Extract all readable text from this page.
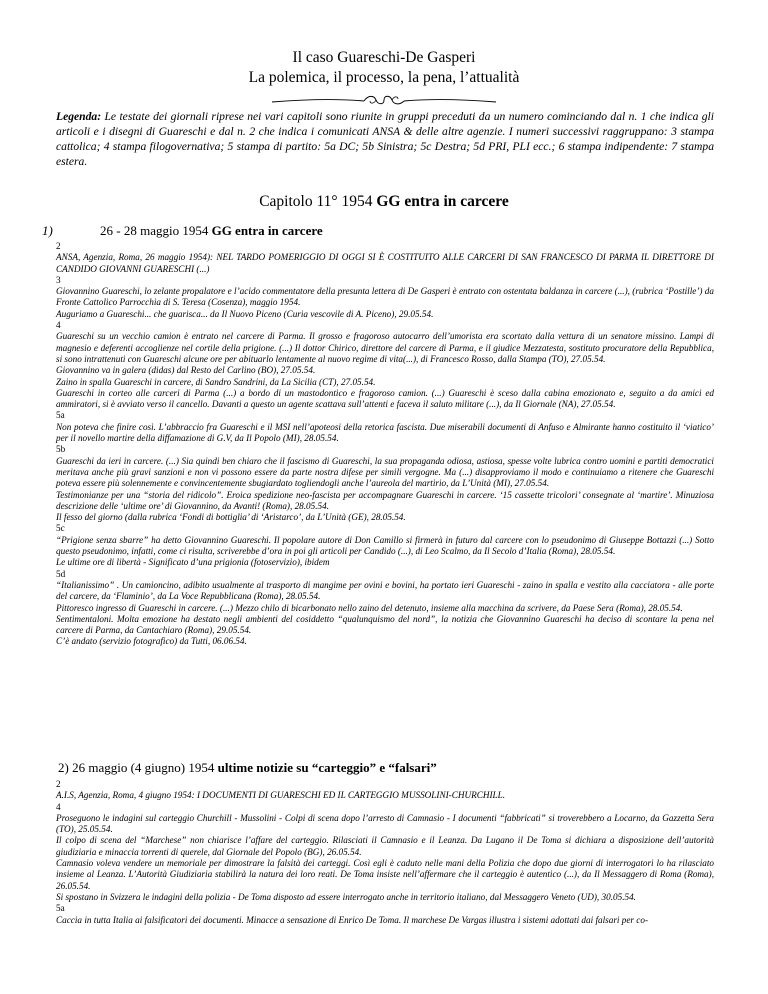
Il caso Guareschi-De Gasperi
La polemica, il processo, la pena, l’attualità
Legenda: Le testate dei giornali riprese nei vari capitoli sono riunite in gruppi preceduti da un numero cominciando dal n. 1 che indica gli articoli e i disegni di Guareschi e dal n. 2 che indica i comunicati ANSA & delle altre agenzie. I numeri successivi raggruppano: 3 stampa cattolica; 4 stampa filogovernativa; 5 stampa di partito: 5a DC; 5b Sinistra; 5c Destra; 5d PRI, PLI ecc.; 6 stampa indipendente: 7 stampa estera.
Capitolo 11° 1954 GG entra in carcere
1)	26 - 28 maggio 1954 GG entra in carcere

2

ANSA, Agenzia, Roma, 26 maggio 1954): NEL TARDO POMERIGGIO DI OGGI SI È COSTITUITO ALLE CARCERI DI SAN FRANCESCO DI PARMA IL DIRETTORE DI CANDIDO GIOVANNI GUARESCHI (...)

3

Giovannino Guareschi, lo zelante propalatore e l’acido commentatore della presunta lettera di De Gasperi è entrato con ostentata baldanza in carcere (...), (rubrica ‘Postille’) da Fronte Cattolico Parrocchia di S. Teresa (Cosenza), maggio 1954.

Auguriamo a Guareschi... che guarisca... da Il Nuovo Piceno (Curia vescovile di A. Piceno), 29.05.54.

4

Guareschi su un vecchio camion è entrato nel carcere di Parma. Il grosso e fragoroso autocarro dell’umorista era scortato dalla vettura di un senatore missino. Lampi di magnesio e deferenti accoglienze nel cortile della prigione. (...) Il dottor Chirico, direttore del carcere di Parma, e il giudice Mezzatesta, sostituto procuratore della Repubblica, si sono intrattenuti con Guareschi alcune ore per abituarlo lentamente al nuovo regime di vita(...), di Francesco Rosso, dalla Stampa (TO), 27.05.54.

Giovannino va in galera (didas) dal Resto del Carlino (BO), 27.05.54.

Zaino in spalla Guareschi in carcere, di Sandro Sandrini, da La Sicilia (CT), 27.05.54.

Guareschi in corteo alle carceri di Parma (...) a bordo di un mastodontico e fragoroso camion. (...) Guareschi è sceso dalla cabina emozionato e, seguito a da amici ed ammiratori, si è avviato verso il cancello. Davanti a questo un agente scattava sull’attenti e faceva il saluto militare (...), da Il Giornale (NA), 27.05.54.

5a

Non poteva che finire così. L’abbraccio fra Guareschi e il MSI nell’apoteosi della retorica fascista. Due miserabili documenti di Anfuso e Almirante hanno costituito il ‘viatico’ per il novello martire della diffamazione di G.V, da Il Popolo (MI), 28.05.54.

5b

Guareschi da ieri in carcere. (...) Sia quindi ben chiaro che il fascismo di Guareschi, la sua propaganda odiosa, astiosa, spesse volte lubrica contro uomini e partiti democratici meritava anche più gravi sanzioni e non vi possono essere da parte nostra difese per simili vergogne. Ma (...) disapproviamo il modo e continuiamo a ritenere che Guareschi poteva essere più solennemente e convincentemente sbugiardato togliendogli anche l’aureola del martirio, da L’Unità (MI), 27.05.54.

Testimonianze per una “storia del ridicolo”. Eroica spedizione neo-fascista per accompagnare Guareschi in carcere. ‘15 cassette tricolori’ consegnate al ‘martire’. Minuziosa descrizione delle ‘ultime ore’ di Giovannino, da Avanti! (Roma), 28.05.54.

Il fesso del giorno (dalla rubrica ‘Fondi di bottiglia’ di ‘Aristarco’, da L’Unità (GE), 28.05.54.

5c

“Prigione senza sbarre” ha detto Giovannino Guareschi. Il popolare autore di Don Camillo si firmerà in futuro dal carcere con lo pseudonimo di Giuseppe Bottazzi (...) Sotto questo pseudonimo, infatti, come ci risulta, scriverebbe d’ora in poi gli articoli per Candido (...), di Leo Scalmo, da Il Secolo d’Italia (Roma), 28.05.54.

Le ultime ore di libertà - Significato d’una prigionia (fotoservizio), ibidem

5d

“Italianissimo” . Un camioncino, adibito usualmente al trasporto di mangime per ovini e bovini, ha portato ieri Guareschi - zaino in spalla e vestito alla cacciatora - alle porte del carcere, da ‘Flaminio’, da La Voce Repubblicana (Roma), 28.05.54.

Pittoresco ingresso di Guareschi in carcere. (...) Mezzo chilo di bicarbonato nello zaino del detenuto, insieme alla macchina da scrivere, da Paese Sera (Roma), 28.05.54.

Sentimentaloni. Molta emozione ha destato negli ambienti del cosiddetto “qualunquismo del nord”, la notizia che Giovannino Guareschi ha deciso di scontare la pena nel carcere di Parma, da Cantachiaro (Roma), 29.05.54.

C’è andato (servizio fotografico) da Tutti, 06.06.54.

2) 26 maggio (4 giugno) 1954 ultime notizie su “carteggio” e “falsari”

2

A.I.S, Agenzia, Roma, 4 giugno 1954: I DOCUMENTI DI GUARESCHI ED IL CARTEGGIO MUSSOLINI-CHURCHILL.

4

Proseguono le indagini sul carteggio Churchill - Mussolini - Colpi di scena dopo l’arresto di Camnasio - I documenti “fabbricati” si troverebbero a Locarno, da Gazzetta Sera (TO), 25.05.54.

Il colpo di scena del “Marchese” non chiarisce l’affare del carteggio. Rilasciati il Camnasio e il Leanza. Da Lugano il De Toma si dichiara a disposizione dell’autorità giudiziaria e minaccia torrenti di querele, dal Giornale del Popolo (BG), 26.05.54.

Camnasio voleva vendere un memoriale per dimostrare la falsità dei carteggi. Così egli è caduto nelle mani della Polizia che dopo due giorni di interrogatori lo ha rilasciato insieme al Leanza. L’Autorità Giudiziaria stabilirà la natura dei loro reati. De Toma insiste nell’affermare che il carteggio è autentico (...), da Il Messaggero di Roma (Roma), 26.05.54.

Si spostano in Svizzera le indagini della polizia - De Toma disposto ad essere interrogato anche in territorio italiano, dal Messaggero Veneto (UD), 30.05.54.

5a

Caccia in tutta Italia ai falsificatori dei documenti. Minacce a sensazione di Enrico De Toma. Il marchese De Vargas illustra i sistemi adottati dai falsari per co-
